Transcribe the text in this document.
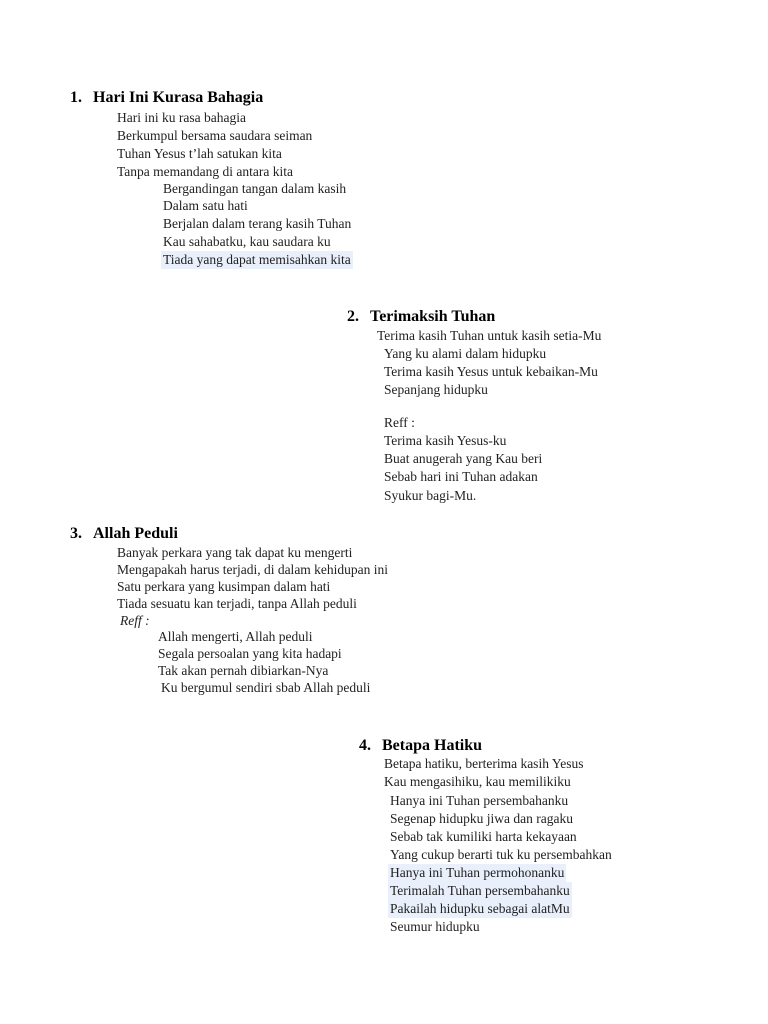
1. Hari Ini Kurasa Bahagia

Hari ini ku rasa bahagia

Berkumpul bersama saudara seiman

Tuhan Yesus t’lah satukan kita

Tanpa memandang di antara kita

Bergandingan tangan dalam kasih

Dalam satu hati

Berjalan dalam terang kasih Tuhan

Kau sahabatku, kau saudara ku

Tiada yang dapat memisahkan kita

2. Terimaksih Tuhan

Terima kasih Tuhan untuk kasih setia-Mu

Yang ku alami dalam hidupku

Terima kasih Yesus untuk kebaikan-Mu

Sepanjang hidupku

Reff :

Terima kasih Yesus-ku

Buat anugerah yang Kau beri

Sebab hari ini Tuhan adakan

Syukur bagi-Mu.

3. Allah Peduli

Banyak perkara yang tak dapat ku mengerti

Mengapakah harus terjadi, di dalam kehidupan ini

Satu perkara yang kusimpan dalam hati

Tiada sesuatu kan terjadi, tanpa Allah peduli

Reff :

Allah mengerti, Allah peduli

Segala persoalan yang kita hadapi

Tak akan pernah dibiarkan-Nya

Ku bergumul sendiri sbab Allah peduli

4. Betapa Hatiku

Betapa hatiku, berterima kasih Yesus

Kau mengasihiku, kau memilikiku

Hanya ini Tuhan persembahanku

Segenap hidupku jiwa dan ragaku

Sebab tak kumiliki harta kekayaan

Yang cukup berarti tuk ku persembahkan

Hanya ini Tuhan permohonanku

Terimalah Tuhan persembahanku

Pakailah hidupku sebagai alatMu

Seumur hidupku
